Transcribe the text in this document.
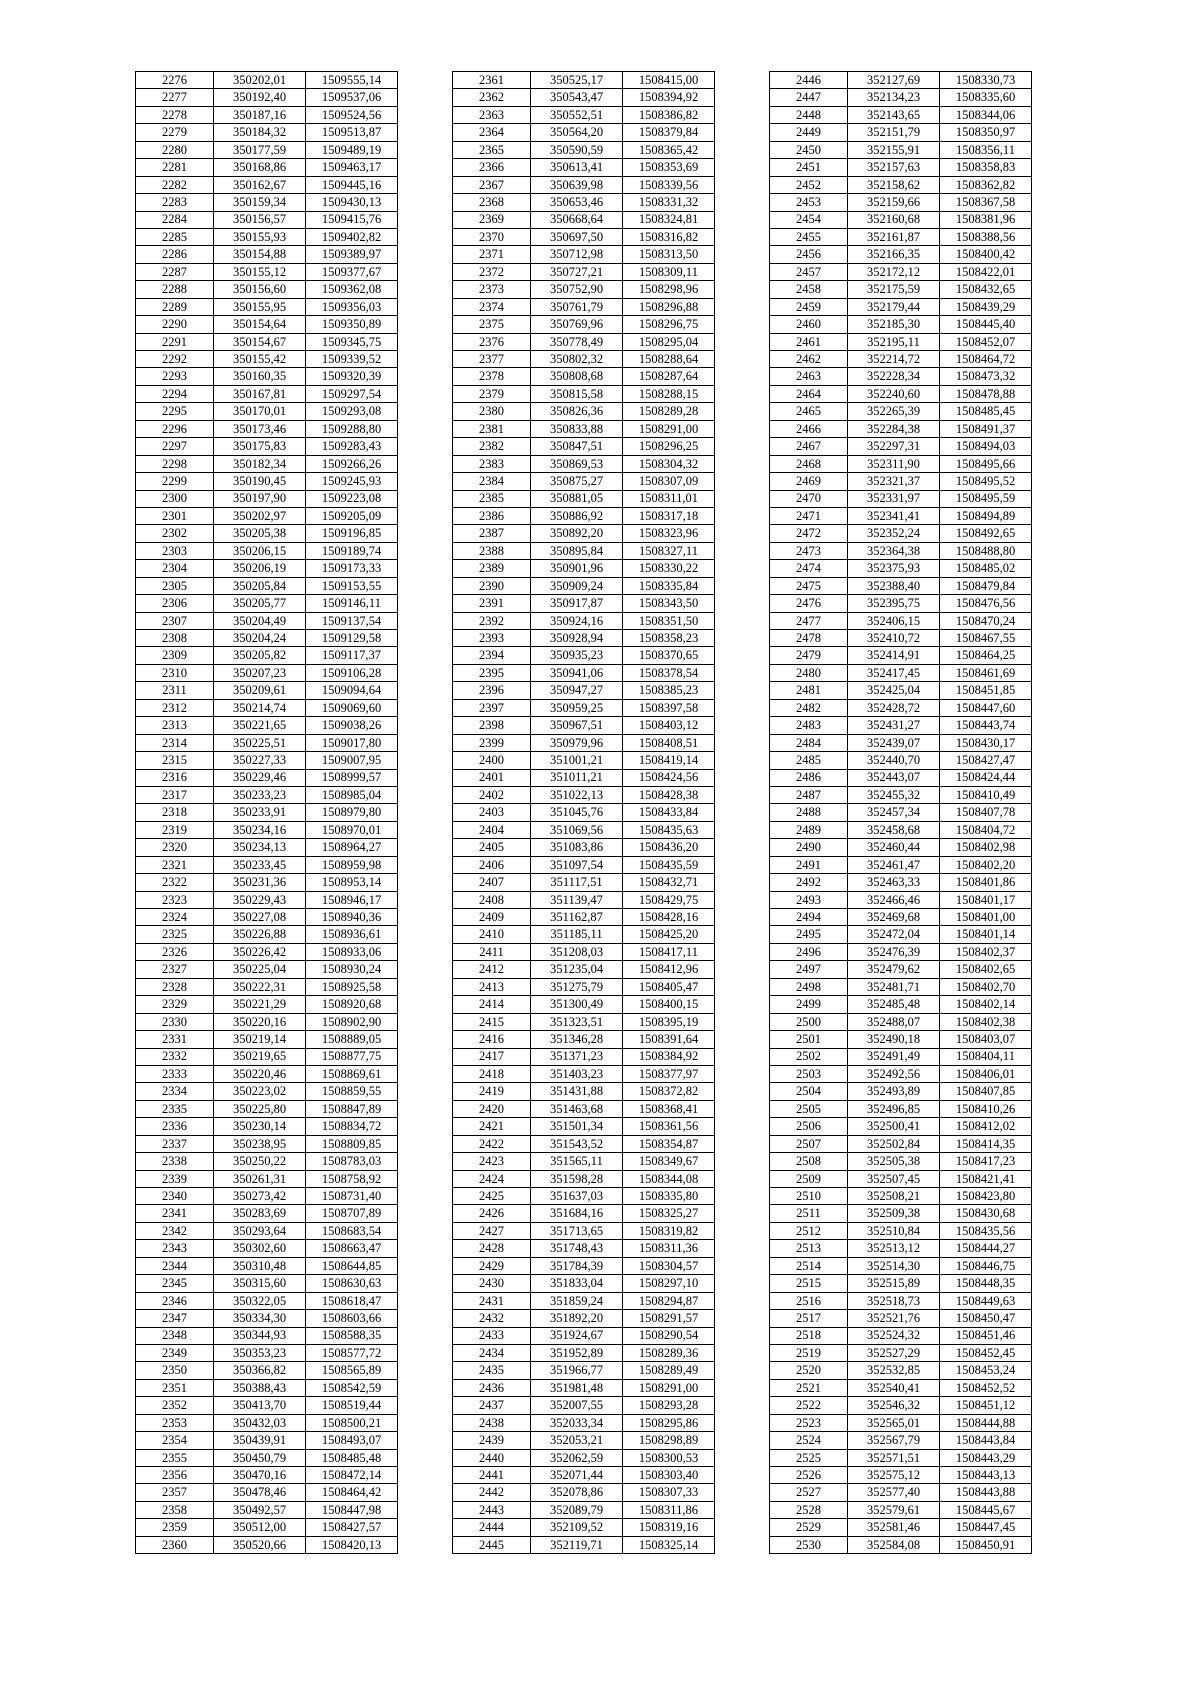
2276	350202,01	1509555,14
2277	350192,40	1509537,06
2278	350187,16	1509524,56
2279	350184,32	1509513,87
2280	350177,59	1509489,19
2281	350168,86	1509463,17
2282	350162,67	1509445,16
2283	350159,34	1509430,13
2284	350156,57	1509415,76
2285	350155,93	1509402,82
2286	350154,88	1509389,97
2287	350155,12	1509377,67
2288	350156,60	1509362,08
2289	350155,95	1509356,03
2290	350154,64	1509350,89
2291	350154,67	1509345,75
2292	350155,42	1509339,52
2293	350160,35	1509320,39
2294	350167,81	1509297,54
2295	350170,01	1509293,08
2296	350173,46	1509288,80
2297	350175,83	1509283,43
2298	350182,34	1509266,26
2299	350190,45	1509245,93
2300	350197,90	1509223,08
2301	350202,97	1509205,09
2302	350205,38	1509196,85
2303	350206,15	1509189,74
2304	350206,19	1509173,33
2305	350205,84	1509153,55
2306	350205,77	1509146,11
2307	350204,49	1509137,54
2308	350204,24	1509129,58
2309	350205,82	1509117,37
2310	350207,23	1509106,28
2311	350209,61	1509094,64
2312	350214,74	1509069,60
2313	350221,65	1509038,26
2314	350225,51	1509017,80
2315	350227,33	1509007,95
2316	350229,46	1508999,57
2317	350233,23	1508985,04
2318	350233,91	1508979,80
2319	350234,16	1508970,01
2320	350234,13	1508964,27
2321	350233,45	1508959,98
2322	350231,36	1508953,14
2323	350229,43	1508946,17
2324	350227,08	1508940,36
2325	350226,88	1508936,61
2326	350226,42	1508933,06
2327	350225,04	1508930,24
2328	350222,31	1508925,58
2329	350221,29	1508920,68
2330	350220,16	1508902,90
2331	350219,14	1508889,05
2332	350219,65	1508877,75
2333	350220,46	1508869,61
2334	350223,02	1508859,55
2335	350225,80	1508847,89
2336	350230,14	1508834,72
2337	350238,95	1508809,85
2338	350250,22	1508783,03
2339	350261,31	1508758,92
2340	350273,42	1508731,40
2341	350283,69	1508707,89
2342	350293,64	1508683,54
2343	350302,60	1508663,47
2344	350310,48	1508644,85
2345	350315,60	1508630,63
2346	350322,05	1508618,47
2347	350334,30	1508603,66
2348	350344,93	1508588,35
2349	350353,23	1508577,72
2350	350366,82	1508565,89
2351	350388,43	1508542,59
2352	350413,70	1508519,44
2353	350432,03	1508500,21
2354	350439,91	1508493,07
2355	350450,79	1508485,48
2356	350470,16	1508472,14
2357	350478,46	1508464,42
2358	350492,57	1508447,98
2359	350512,00	1508427,57
2360	350520,66	1508420,13
2361	350525,17	1508415,00
2362	350543,47	1508394,92
2363	350552,51	1508386,82
2364	350564,20	1508379,84
2365	350590,59	1508365,42
2366	350613,41	1508353,69
2367	350639,98	1508339,56
2368	350653,46	1508331,32
2369	350668,64	1508324,81
2370	350697,50	1508316,82
2371	350712,98	1508313,50
2372	350727,21	1508309,11
2373	350752,90	1508298,96
2374	350761,79	1508296,88
2375	350769,96	1508296,75
2376	350778,49	1508295,04
2377	350802,32	1508288,64
2378	350808,68	1508287,64
2379	350815,58	1508288,15
2380	350826,36	1508289,28
2381	350833,88	1508291,00
2382	350847,51	1508296,25
2383	350869,53	1508304,32
2384	350875,27	1508307,09
2385	350881,05	1508311,01
2386	350886,92	1508317,18
2387	350892,20	1508323,96
2388	350895,84	1508327,11
2389	350901,96	1508330,22
2390	350909,24	1508335,84
2391	350917,87	1508343,50
2392	350924,16	1508351,50
2393	350928,94	1508358,23
2394	350935,23	1508370,65
2395	350941,06	1508378,54
2396	350947,27	1508385,23
2397	350959,25	1508397,58
2398	350967,51	1508403,12
2399	350979,96	1508408,51
2400	351001,21	1508419,14
2401	351011,21	1508424,56
2402	351022,13	1508428,38
2403	351045,76	1508433,84
2404	351069,56	1508435,63
2405	351083,86	1508436,20
2406	351097,54	1508435,59
2407	351117,51	1508432,71
2408	351139,47	1508429,75
2409	351162,87	1508428,16
2410	351185,11	1508425,20
2411	351208,03	1508417,11
2412	351235,04	1508412,96
2413	351275,79	1508405,47
2414	351300,49	1508400,15
2415	351323,51	1508395,19
2416	351346,28	1508391,64
2417	351371,23	1508384,92
2418	351403,23	1508377,97
2419	351431,88	1508372,82
2420	351463,68	1508368,41
2421	351501,34	1508361,56
2422	351543,52	1508354,87
2423	351565,11	1508349,67
2424	351598,28	1508344,08
2425	351637,03	1508335,80
2426	351684,16	1508325,27
2427	351713,65	1508319,82
2428	351748,43	1508311,36
2429	351784,39	1508304,57
2430	351833,04	1508297,10
2431	351859,24	1508294,87
2432	351892,20	1508291,57
2433	351924,67	1508290,54
2434	351952,89	1508289,36
2435	351966,77	1508289,49
2436	351981,48	1508291,00
2437	352007,55	1508293,28
2438	352033,34	1508295,86
2439	352053,21	1508298,89
2440	352062,59	1508300,53
2441	352071,44	1508303,40
2442	352078,86	1508307,33
2443	352089,79	1508311,86
2444	352109,52	1508319,16
2445	352119,71	1508325,14
2446	352127,69	1508330,73
2447	352134,23	1508335,60
2448	352143,65	1508344,06
2449	352151,79	1508350,97
2450	352155,91	1508356,11
2451	352157,63	1508358,83
2452	352158,62	1508362,82
2453	352159,66	1508367,58
2454	352160,68	1508381,96
2455	352161,87	1508388,56
2456	352166,35	1508400,42
2457	352172,12	1508422,01
2458	352175,59	1508432,65
2459	352179,44	1508439,29
2460	352185,30	1508445,40
2461	352195,11	1508452,07
2462	352214,72	1508464,72
2463	352228,34	1508473,32
2464	352240,60	1508478,88
2465	352265,39	1508485,45
2466	352284,38	1508491,37
2467	352297,31	1508494,03
2468	352311,90	1508495,66
2469	352321,37	1508495,52
2470	352331,97	1508495,59
2471	352341,41	1508494,89
2472	352352,24	1508492,65
2473	352364,38	1508488,80
2474	352375,93	1508485,02
2475	352388,40	1508479,84
2476	352395,75	1508476,56
2477	352406,15	1508470,24
2478	352410,72	1508467,55
2479	352414,91	1508464,25
2480	352417,45	1508461,69
2481	352425,04	1508451,85
2482	352428,72	1508447,60
2483	352431,27	1508443,74
2484	352439,07	1508430,17
2485	352440,70	1508427,47
2486	352443,07	1508424,44
2487	352455,32	1508410,49
2488	352457,34	1508407,78
2489	352458,68	1508404,72
2490	352460,44	1508402,98
2491	352461,47	1508402,20
2492	352463,33	1508401,86
2493	352466,46	1508401,17
2494	352469,68	1508401,00
2495	352472,04	1508401,14
2496	352476,39	1508402,37
2497	352479,62	1508402,65
2498	352481,71	1508402,70
2499	352485,48	1508402,14
2500	352488,07	1508402,38
2501	352490,18	1508403,07
2502	352491,49	1508404,11
2503	352492,56	1508406,01
2504	352493,89	1508407,85
2505	352496,85	1508410,26
2506	352500,41	1508412,02
2507	352502,84	1508414,35
2508	352505,38	1508417,23
2509	352507,45	1508421,41
2510	352508,21	1508423,80
2511	352509,38	1508430,68
2512	352510,84	1508435,56
2513	352513,12	1508444,27
2514	352514,30	1508446,75
2515	352515,89	1508448,35
2516	352518,73	1508449,63
2517	352521,76	1508450,47
2518	352524,32	1508451,46
2519	352527,29	1508452,45
2520	352532,85	1508453,24
2521	352540,41	1508452,52
2522	352546,32	1508451,12
2523	352565,01	1508444,88
2524	352567,79	1508443,84
2525	352571,51	1508443,29
2526	352575,12	1508443,13
2527	352577,40	1508443,88
2528	352579,61	1508445,67
2529	352581,46	1508447,45
2530	352584,08	1508450,91
